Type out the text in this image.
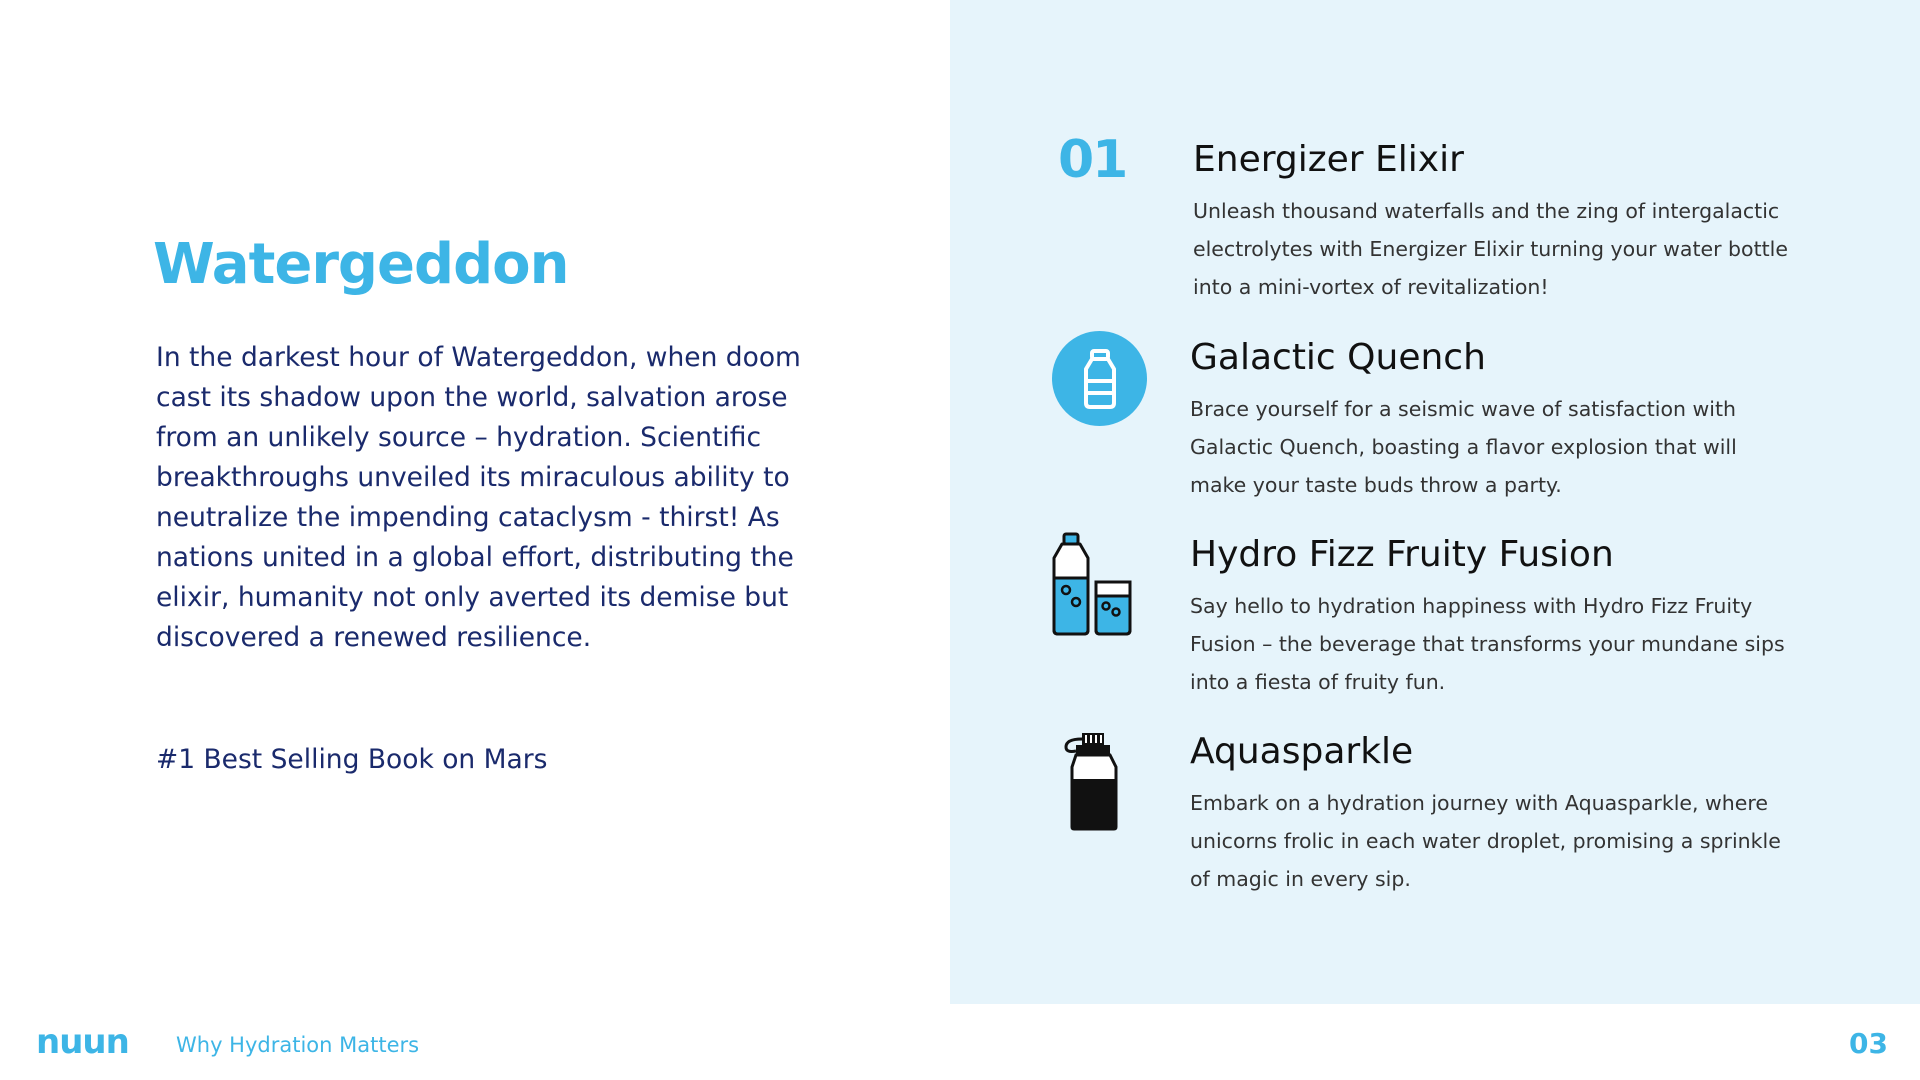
Watergeddon

In the darkest hour of Watergeddon, when doom cast its shadow upon the world, salvation arose from an unlikely source – hydration. Scientific breakthroughs unveiled its miraculous ability to neutralize the impending cataclysm - thirst! As nations united in a global effort, distributing the elixir, humanity not only averted its demise but discovered a renewed resilience.

#1 Best Selling Book on Mars

01 Energizer Elixir
Unleash thousand waterfalls and the zing of intergalactic electrolytes with Energizer Elixir turning your water bottle into a mini-vortex of revitalization!
Galactic Quench
Brace yourself for a seismic wave of satisfaction with Galactic Quench, boasting a flavor explosion that will make your taste buds throw a party.
Hydro Fizz Fruity Fusion
Say hello to hydration happiness with Hydro Fizz Fruity Fusion – the beverage that transforms your mundane sips into a fiesta of fruity fun.
Aquasparkle
Embark on a hydration journey with Aquasparkle, where unicorns frolic in each water droplet, promising a sprinkle of magic in every sip.
nuun Why Hydration Matters	03
